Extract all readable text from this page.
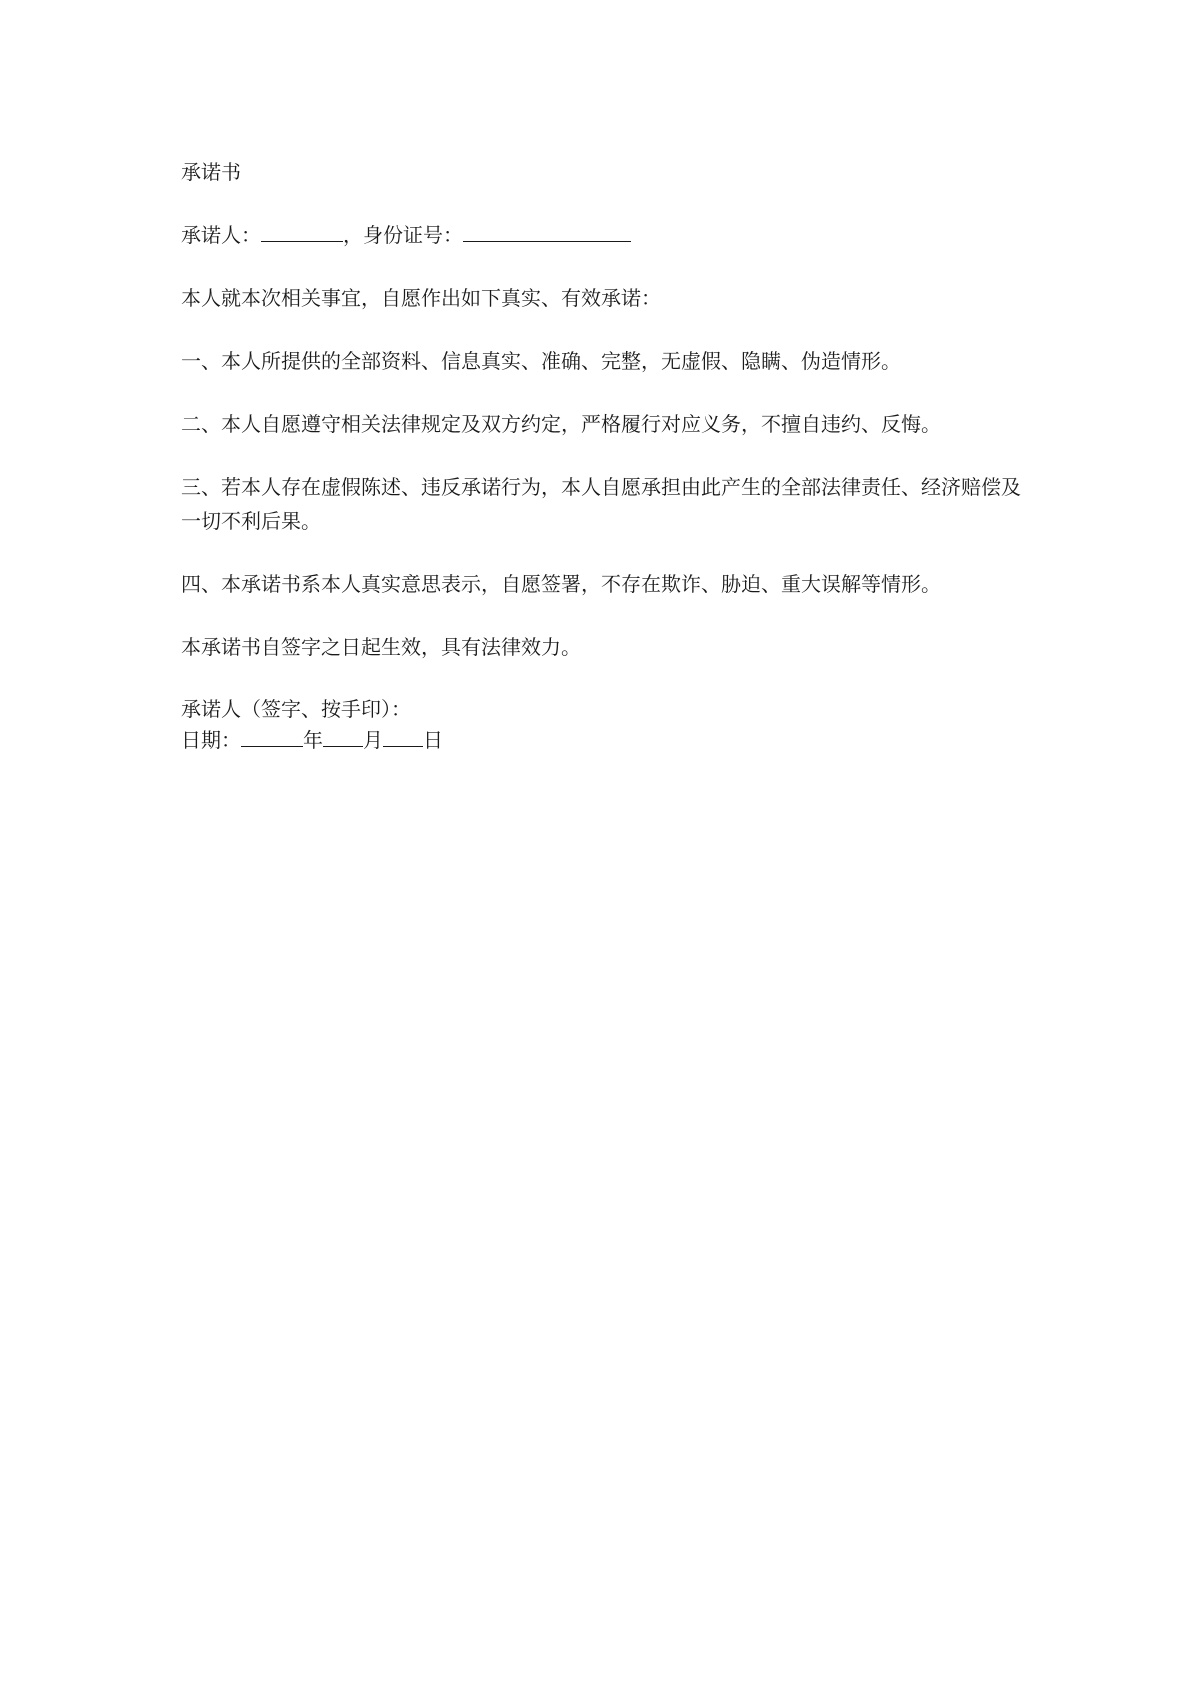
承诺书

承诺人：	，身份证号：

本人就本次相关事宜，自愿作出如下真实、有效承诺：

一、本人所提供的全部资料、信息真实、准确、完整，无虚假、隐瞒、伪造情形。

二、本人自愿遵守相关法律规定及双方约定，严格履行对应义务，不擅自违约、反悔。

三、若本人存在虚假陈述、违反承诺行为，本人自愿承担由此产生的全部法律责任、经济赔偿及一切不利后果。

四、本承诺书系本人真实意思表示，自愿签署，不存在欺诈、胁迫、重大误解等情形。

本承诺书自签字之日起生效，具有法律效力。

承诺人（签字、按手印）：

日期：	年 月 日
